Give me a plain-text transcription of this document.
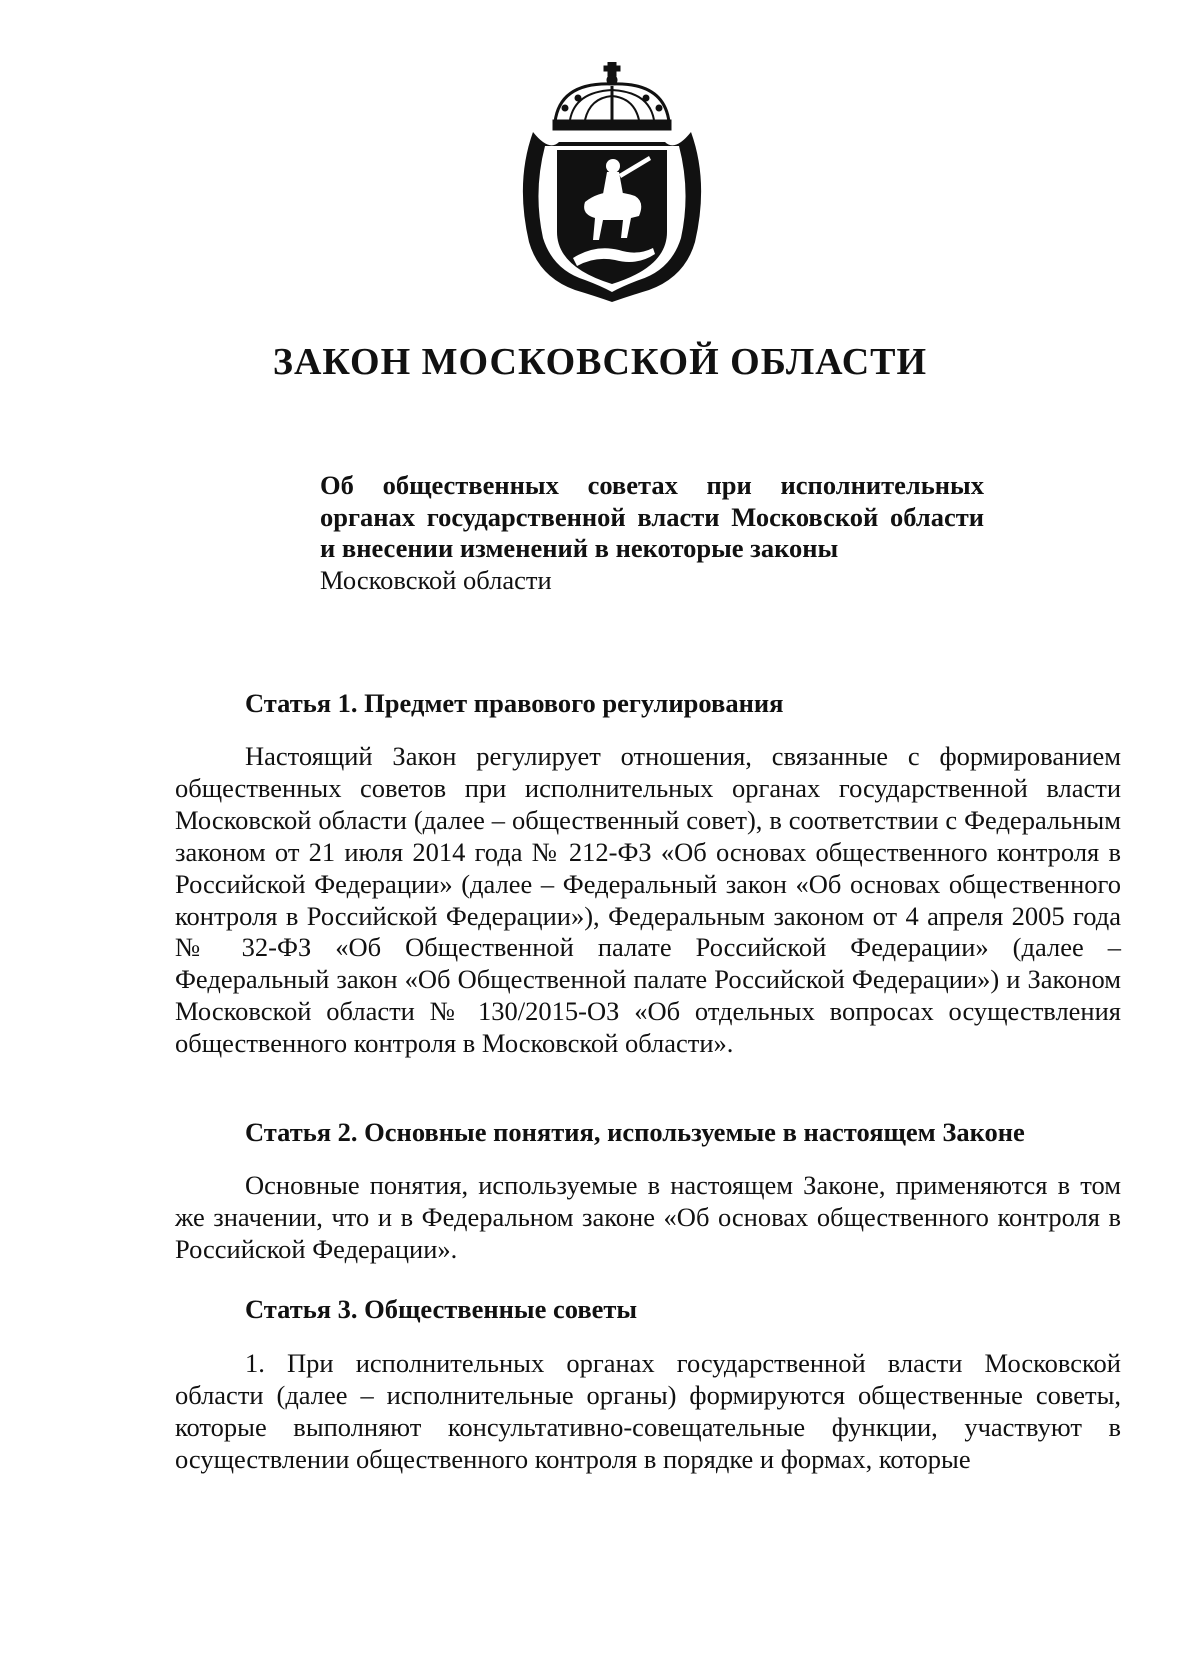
ЗАКОН МОСКОВСКОЙ ОБЛАСТИ

Об общественных советах при исполнительных органах государственной власти Московской области и внесении изменений в некоторые законы
Московской области

Статья 1. Предмет правового регулирования

Настоящий Закон регулирует отношения, связанные с формированием общественных советов при исполнительных органах государственной власти Московской области (далее – общественный совет), в соответствии с Федеральным законом от 21 июля 2014 года № 212-ФЗ «Об основах общественного контроля в Российской Федерации» (далее – Федеральный закон «Об основах общественного контроля в Российской Федерации»), Федеральным законом от 4 апреля 2005 года № 32-ФЗ «Об Общественной палате Российской Федерации» (далее – Федеральный закон «Об Общественной палате Российской Федерации») и Законом Московской области № 130/2015-ОЗ «Об отдельных вопросах осуществления общественного контроля в Московской области».

Статья 2. Основные понятия, используемые в настоящем Законе

Основные понятия, используемые в настоящем Законе, применяются в том же значении, что и в Федеральном законе «Об основах общественного контроля в Российской Федерации».

Статья 3. Общественные советы

1. При исполнительных органах государственной власти Московской области (далее – исполнительные органы) формируются общественные советы, которые выполняют консультативно-совещательные функции, участвуют в осуществлении общественного контроля в порядке и формах, которые
